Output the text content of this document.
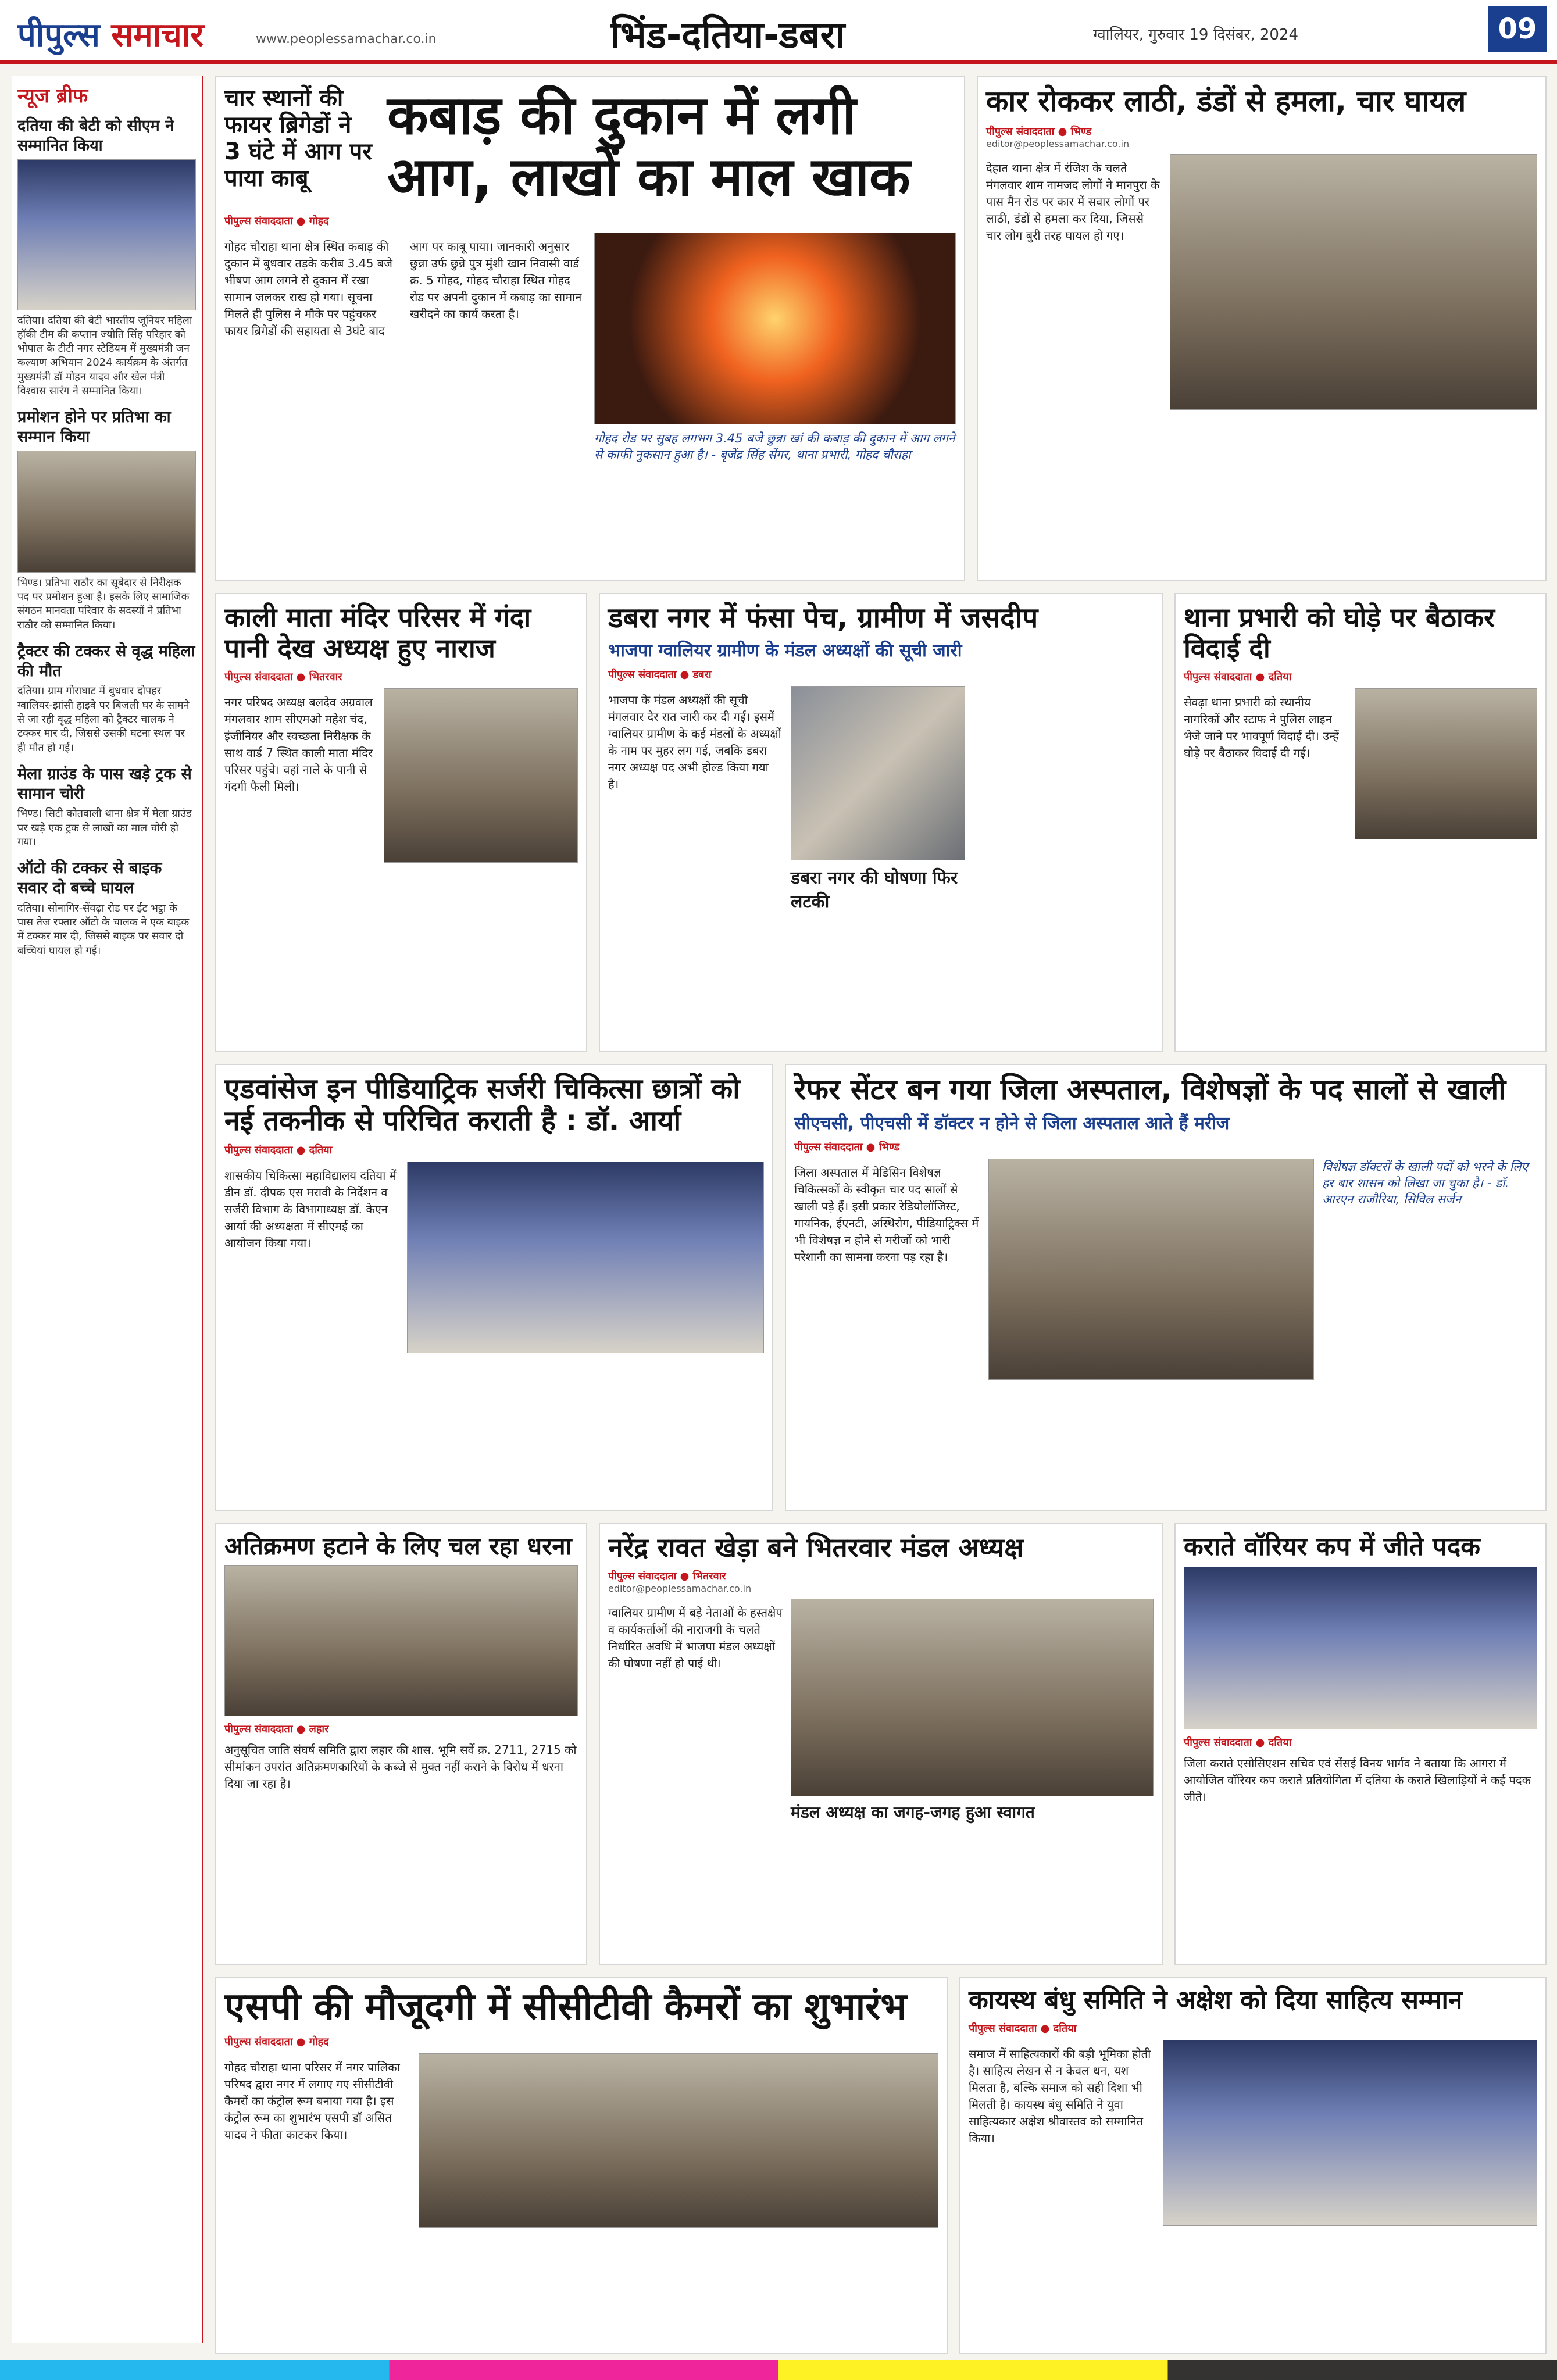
पीपुल्स समाचार	www.peoplessamachar.co.in	भिंड-दतिया-डबरा	ग्वालियर, गुरुवार 19 दिसंबर, 2024	09
न्यूज ब्रीफ
दतिया की बेटी को सीएम ने सम्मानित किया

दतिया। दतिया की बेटी भारतीय जूनियर महिला हॉकी टीम की कप्तान ज्योति सिंह परिहार को भोपाल के टीटी नगर स्टेडियम में मुख्यमंत्री जन कल्याण अभियान 2024 कार्यक्रम के अंतर्गत मुख्यमंत्री डॉ मोहन यादव और खेल मंत्री विश्वास सारंग ने सम्मानित किया।

प्रमोशन होने पर प्रतिभा का सम्मान किया

भिण्ड। प्रतिभा राठौर का सूबेदार से निरीक्षक पद पर प्रमोशन हुआ है। इसके लिए सामाजिक संगठन मानवता परिवार के सदस्यों ने प्रतिभा राठौर को सम्मानित किया।

ट्रैक्टर की टक्कर से वृद्ध महिला की मौत

दतिया। ग्राम गोराघाट में बुधवार दोपहर ग्वालियर-झांसी हाइवे पर बिजली घर के सामने से जा रही वृद्ध महिला को ट्रैक्टर चालक ने टक्कर मार दी, जिससे उसकी घटना स्थल पर ही मौत हो गई।

मेला ग्राउंड के पास खड़े ट्रक से सामान चोरी

भिण्ड। सिटी कोतवाली थाना क्षेत्र में मेला ग्राउंड पर खड़े एक ट्रक से लाखों का माल चोरी हो गया।

ऑटो की टक्कर से बाइक सवार दो बच्चे घायल

दतिया। सोनागिर-सेंवढ़ा रोड पर ईंट भट्ठा के पास तेज रफ्तार ऑटो के चालक ने एक बाइक में टक्कर मार दी, जिससे बाइक पर सवार दो बच्चियां घायल हो गईं।

चार स्थानों की फायर ब्रिगेडों ने 3 घंटे में आग पर पाया काबू
कबाड़ की दुकान में लगी आग, लाखों का माल खाक
पीपुल्स संवाददाता ● गोहद
गोहद चौराहा थाना क्षेत्र स्थित कबाड़ की दुकान में बुधवार तड़के करीब 3.45 बजे भीषण आग लगने से दुकान में रखा सामान जलकर राख हो गया। सूचना मिलते ही पुलिस ने मौके पर पहुंचकर फायर ब्रिगेडों की सहायता से 3घंटे बाद आग पर काबू पाया। जानकारी अनुसार छुन्ना उर्फ छुन्ने पुत्र मुंशी खान निवासी वार्ड क्र. 5 गोहद, गोहद चौराहा स्थित गोहद रोड पर अपनी दुकान में कबाड़ का सामान खरीदने का कार्य करता है।
गोहद रोड पर सुबह लगभग 3.45 बजे छुन्ना खां की कबाड़ की दुकान में आग लगने से काफी नुकसान हुआ है। - बृजेंद्र सिंह सेंगर, थाना प्रभारी, गोहद चौराहा
कार रोककर लाठी, डंडों से हमला, चार घायल
पीपुल्स संवाददाता ● भिण्ड
editor@peoplessamachar.co.in
देहात थाना क्षेत्र में रंजिश के चलते मंगलवार शाम नामजद लोगों ने मानपुरा के पास मैन रोड पर कार में सवार लोगों पर लाठी, डंडों से हमला कर दिया, जिससे चार लोग बुरी तरह घायल हो गए।
काली माता मंदिर परिसर में गंदा पानी देख अध्यक्ष हुए नाराज
पीपुल्स संवाददाता ● भितरवार
नगर परिषद अध्यक्ष बलदेव अग्रवाल मंगलवार शाम सीएमओ महेश चंद, इंजीनियर और स्वच्छता निरीक्षक के साथ वार्ड 7 स्थित काली माता मंदिर परिसर पहुंचे। वहां नाले के पानी से गंदगी फैली मिली।
डबरा नगर में फंसा पेच, ग्रामीण में जसदीप
भाजपा ग्वालियर ग्रामीण के मंडल अध्यक्षों की सूची जारी
पीपुल्स संवाददाता ● डबरा
भाजपा के मंडल अध्यक्षों की सूची मंगलवार देर रात जारी कर दी गई। इसमें ग्वालियर ग्रामीण के कई मंडलों के अध्यक्षों के नाम पर मुहर लग गई, जबकि डबरा नगर अध्यक्ष पद अभी होल्ड किया गया है।
डबरा नगर की घोषणा फिर लटकी
थाना प्रभारी को घोड़े पर बैठाकर विदाई दी
पीपुल्स संवाददाता ● दतिया
सेवढ़ा थाना प्रभारी को स्थानीय नागरिकों और स्टाफ ने पुलिस लाइन भेजे जाने पर भावपूर्ण विदाई दी। उन्हें घोड़े पर बैठाकर विदाई दी गई।
एडवांसेज इन पीडियाट्रिक सर्जरी चिकित्सा छात्रों को नई तकनीक से परिचित कराती है : डॉ. आर्या
पीपुल्स संवाददाता ● दतिया
शासकीय चिकित्सा महाविद्यालय दतिया में डीन डॉ. दीपक एस मरावी के निर्देशन व सर्जरी विभाग के विभागाध्यक्ष डॉ. केएन आर्या की अध्यक्षता में सीएमई का आयोजन किया गया।
रेफर सेंटर बन गया जिला अस्पताल, विशेषज्ञों के पद सालों से खाली
सीएचसी, पीएचसी में डॉक्टर न होने से जिला अस्पताल आते हैं मरीज
पीपुल्स संवाददाता ● भिण्ड
जिला अस्पताल में मेडिसिन विशेषज्ञ चिकित्सकों के स्वीकृत चार पद सालों से खाली पड़े हैं। इसी प्रकार रेडियोलॉजिस्ट, गायनिक, ईएनटी, अस्थिरोग, पीडियाट्रिक्स में भी विशेषज्ञ न होने से मरीजों को भारी परेशानी का सामना करना पड़ रहा है।
विशेषज्ञ डॉक्टरों के खाली पदों को भरने के लिए हर बार शासन को लिखा जा चुका है। - डॉ. आरएन राजौरिया, सिविल सर्जन
अतिक्रमण हटाने के लिए चल रहा धरना
पीपुल्स संवाददाता ● लहार
अनुसूचित जाति संघर्ष समिति द्वारा लहार की शास. भूमि सर्वे क्र. 2711, 2715 को सीमांकन उपरांत अतिक्रमणकारियों के कब्जे से मुक्त नहीं कराने के विरोध में धरना दिया जा रहा है।
नरेंद्र रावत खेड़ा बने भितरवार मंडल अध्यक्ष
पीपुल्स संवाददाता ● भितरवार
editor@peoplessamachar.co.in
ग्वालियर ग्रामीण में बड़े नेताओं के हस्तक्षेप व कार्यकर्ताओं की नाराजगी के चलते निर्धारित अवधि में भाजपा मंडल अध्यक्षों की घोषणा नहीं हो पाई थी।
मंडल अध्यक्ष का जगह-जगह हुआ स्वागत
कराते वॉरियर कप में जीते पदक
पीपुल्स संवाददाता ● दतिया
जिला कराते एसोसिएशन सचिव एवं सेंसई विनय भार्गव ने बताया कि आगरा में आयोजित वॉरियर कप कराते प्रतियोगिता में दतिया के कराते खिलाड़ियों ने कई पदक जीते।
एसपी की मौजूदगी में सीसीटीवी कैमरों का शुभारंभ
पीपुल्स संवाददाता ● गोहद
गोहद चौराहा थाना परिसर में नगर पालिका परिषद द्वारा नगर में लगाए गए सीसीटीवी कैमरों का कंट्रोल रूम बनाया गया है। इस कंट्रोल रूम का शुभारंभ एसपी डॉ असित यादव ने फीता काटकर किया।
कायस्थ बंधु समिति ने अक्षेश को दिया साहित्य सम्मान
पीपुल्स संवाददाता ● दतिया
समाज में साहित्यकारों की बड़ी भूमिका होती है। साहित्य लेखन से न केवल धन, यश मिलता है, बल्कि समाज को सही दिशा भी मिलती है। कायस्थ बंधु समिति ने युवा साहित्यकार अक्षेश श्रीवास्तव को सम्मानित किया।
